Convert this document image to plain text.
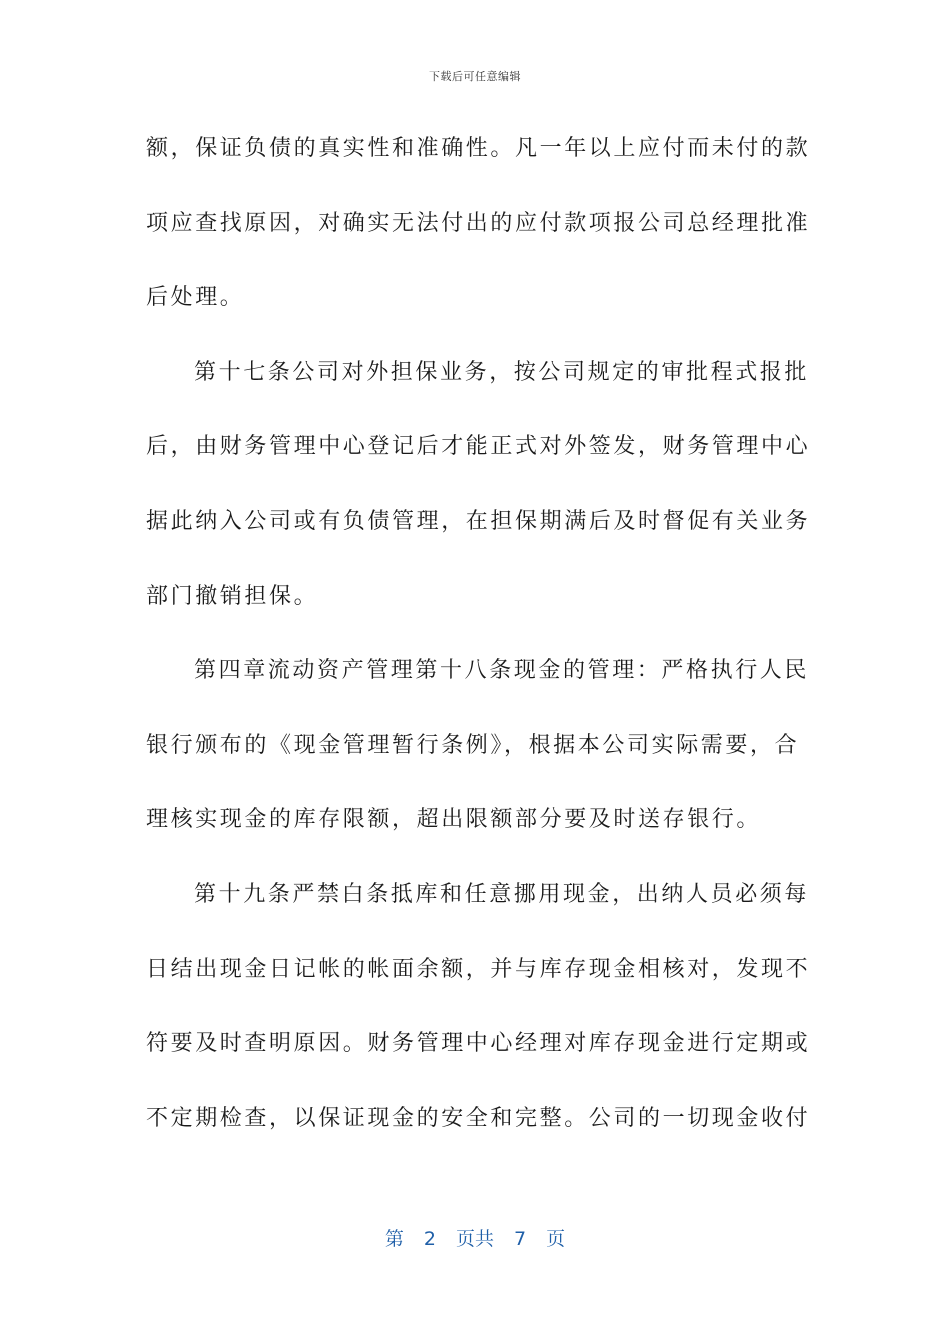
下载后可任意编辑
额，保证负债的真实性和准确性。凡一年以上应付而未付的款
项应查找原因，对确实无法付出的应付款项报公司总经理批准
后处理。
第十七条公司对外担保业务，按公司规定的审批程式报批
后，由财务管理中心登记后才能正式对外签发，财务管理中心
据此纳入公司或有负债管理，在担保期满后及时督促有关业务
部门撤销担保。
第四章流动资产管理第十八条现金的管理：严格执行人民
银行颁布的《现金管理暂行条例》，根据本公司实际需要，合
理核实现金的库存限额，超出限额部分要及时送存银行。
第十九条严禁白条抵库和任意挪用现金，出纳人员必须每
日结出现金日记帐的帐面余额，并与库存现金相核对，发现不
符要及时查明原因。财务管理中心经理对库存现金进行定期或
不定期检查，以保证现金的安全和完整。公司的一切现金收付
第 2 页共 7 页
